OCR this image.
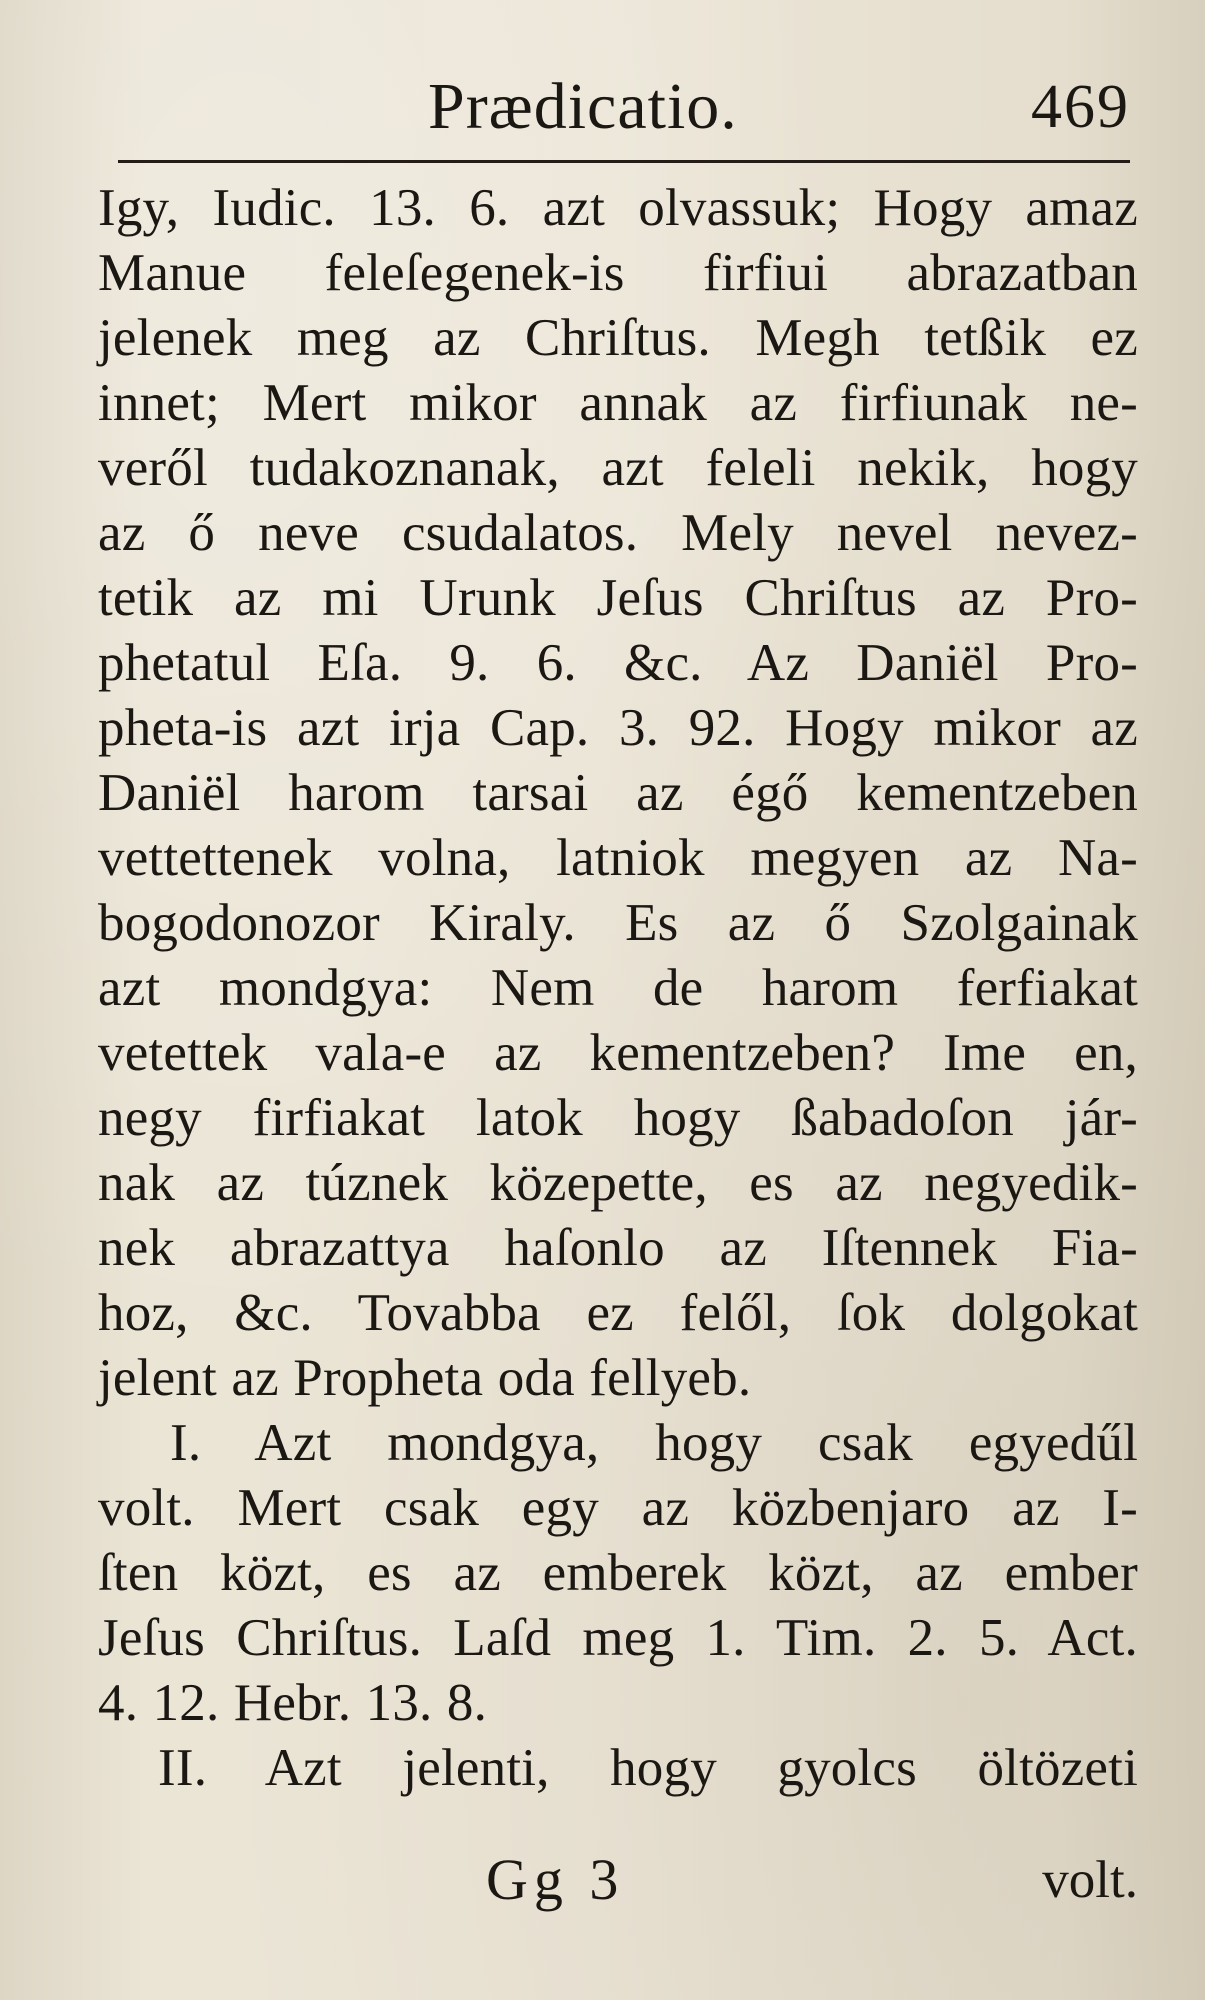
Prædicatio.	469
Igy, Iudic. 13. 6. azt olvassuk; Hogy amaz
Manue feleſegenek-is firfiui abrazatban
jelenek meg az Chriſtus. Megh tetßik ez
innet; Mert mikor annak az firfiunak ne-
veről tudakoznanak, azt feleli nekik, hogy
az ő neve csudalatos. Mely nevel nevez-
tetik az mi Urunk Jeſus Chriſtus az Pro-
phetatul Eſa. 9. 6. &c. Az Daniël Pro-
pheta-is azt irja Cap. 3. 92. Hogy mikor az
Daniël harom tarsai az égő kementzeben
vettettenek volna, latniok megyen az Na-
bogodonozor Kiraly. Es az ő Szolgainak
azt mondgya: Nem de harom ferfiakat
vetettek vala-e az kementzeben? Ime en,
negy firfiakat latok hogy ßabadoſon jár-
nak az túznek közepette, es az negyedik-
nek abrazattya haſonlo az Iſtennek Fia-
hoz, &c. Tovabba ez felől, ſok dolgokat
jelent az Propheta oda fellyeb.
I. Azt mondgya, hogy csak egyedűl
volt. Mert csak egy az közbenjaro az I-
ſten közt, es az emberek közt, az ember
Jeſus Chriſtus. Laſd meg 1. Tim. 2. 5. Act.
4. 12. Hebr. 13. 8.
II. Azt jelenti, hogy gyolcs öltözeti
Gg 3	volt.
